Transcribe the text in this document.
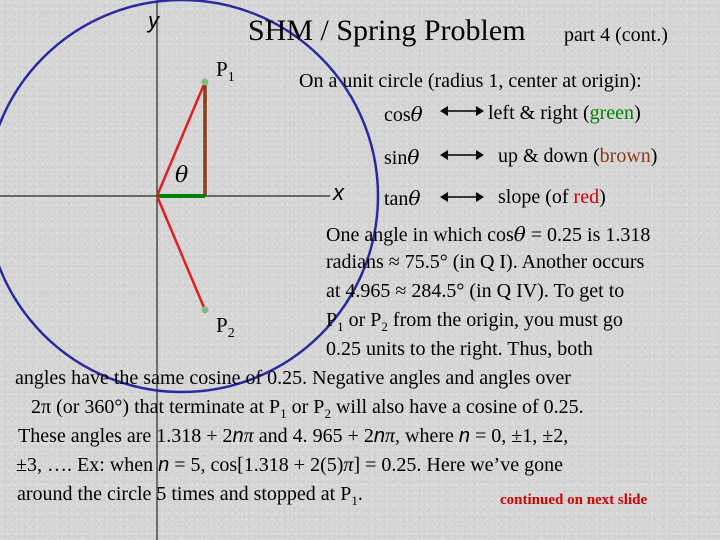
y
x
θ
$P_1$
$P_2$
SHM / Spring Problem part 4 (cont.)
On a unit circle (radius 1, center at origin):
cosθ	left & right (green)
sinθ	up & down (brown)
tanθ	slope (of red)
One angle in which cosθ = 0.25 is 1.318
radians ≈ 75.5° (in Q I). Another occurs
at 4.965 ≈ 284.5° (in Q IV). To get to
$P_1$ or $P_2$ from the origin, you must go
0.25 units to the right. Thus, both
angles have the same cosine of 0.25. Negative angles and angles over
2π (or 360°) that terminate at $P_1$ or $P_2$ will also have a cosine of 0.25.
These angles are 1.318 + 2nπ and 4. 965 + 2nπ, where n = 0, ±1, ±2,
±3, …. Ex: when n = 5, cos[1.318 + 2(5)π] = 0.25. Here we’ve gone
around the circle 5 times and stopped at $P_1$.	continued on next slide
